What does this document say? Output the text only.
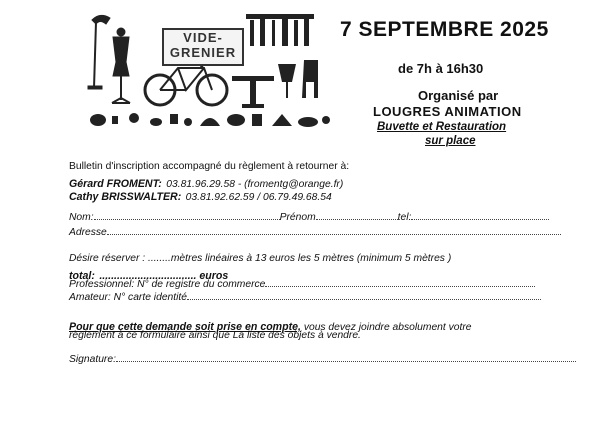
VIDE-
GRENIER
7 SEPTEMBRE 2025
de 7h à 16h30
Organisé par
LOUGRES ANIMATION
Buvette et Restauration
sur place
Bulletin d'inscription accompagné du règlement à retourner à:
Gérard FROMENT: 03.81.96.29.58 - (fromentg@orange.fr)
Cathy BRISSWALTER: 03.81.92.62.59 / 06.79.49.68.54
Nom:	Prénom	tel:
Adresse
Désire réserver : ........mètres linéaires à 13 euros les 5 mètres (minimum 5 mètres )
total: ................................. euros
Professionnel: N° de registre du commerce
Amateur: N° carte identité
Pour que cette demande soit prise en compte, vous devez joindre absolument votre
règlement à ce formulaire ainsi que La liste des objets à vendre.
Signature:
